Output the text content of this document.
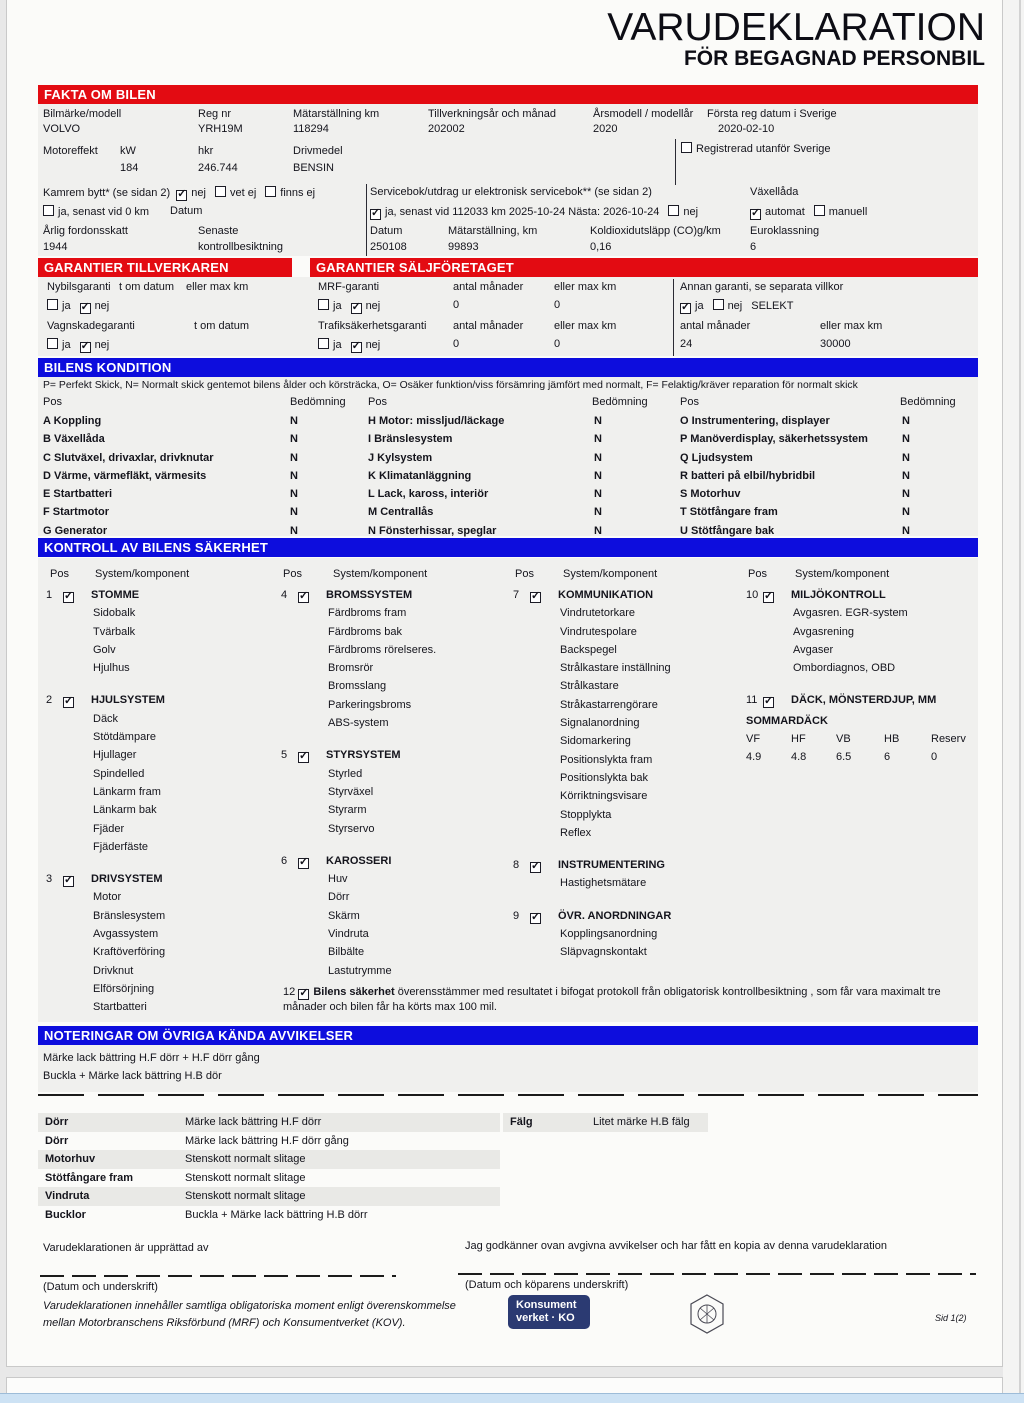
VARUDEKLARATION
FÖR BEGAGNAD PERSONBIL
FAKTA OM BILEN
Bilmärke/modell	Reg nr	Mätarställning km	Tillverkningsår och månad	Årsmodell / modellår Första reg datum i Sverige
VOLVO	YRH19M	118294	202002	2020	2020-02-10
Motoreffekt kW	hkr	Drivmedel
184	246.744	BENSIN
Registrerad utanför Sverige
Kamrem bytt* (se sidan 2) ✓ nej vet ej finns ej
ja, senast vid 0 km	Datum
Servicebok/utdrag ur elektronisk servicebok** (se sidan 2)
✓ ja, senast vid 112033 km 2025-10-24 Nästa: 2026-10-24 nej
Växellåda
✓ automat manuell
Årlig fordonsskatt	Senaste	Datum	Mätarställning, km	Koldioxidutsläpp (CO)g/km	Euroklassning
1944	kontrollbesiktning	250108	99893	0,16	6
GARANTIER TILLVERKAREN	GARANTIER SÄLJFÖRETAGET
Nybilsgaranti t om datum eller max km
ja ✓ nej
Vagnskadegaranti	t om datum
ja ✓ nej
MRF-garanti	antal månader	eller max km
ja ✓ nej	0	0
Trafiksäkerhetsgaranti antal månader	eller max km
ja ✓ nej	0	0
Annan garanti, se separata villkor
✓ ja nej SELEKT
antal månader	eller max km
24	30000
BILENS KONDITION
P= Perfekt Skick, N= Normalt skick gentemot bilens ålder och körsträcka, O= Osäker funktion/viss försämring jämfört med normalt, F= Felaktig/kräver reparation för normalt skick
Pos	Bedömning Pos	Bedömning	Pos	Bedömning
A Koppling	N
B Växellåda	N
C Slutväxel, drivaxlar, drivknutar	N
D Värme, värmefläkt, värmesits	N
E Startbatteri	N
F Startmotor	N
G Generator	N
H Motor: missljud/läckage	N
I Bränslesystem	N
J Kylsystem	N
K Klimatanläggning	N
L Lack, kaross, interiör	N
M Centrallås	N
N Fönsterhissar, speglar	N
O Instrumentering, displayer	N
P Manöverdisplay, säkerhetssystem	N
Q Ljudsystem	N
R batteri på elbil/hybridbil	N
S Motorhuv	N
T Stötfångare fram	N
U Stötfångare bak	N
KONTROLL AV BILENS SÄKERHET
Pos System/komponent	Pos	System/komponent	Pos	System/komponent	Pos	System/komponent
1 ✓ STOMME
Sidobalk
Tvärbalk
Golv
Hjulhus
2 ✓ HJULSYSTEM
Däck
Stötdämpare
Hjullager
Spindelled
Länkarm fram
Länkarm bak
Fjäder
Fjäderfäste
3 ✓ DRIVSYSTEM
Motor
Bränslesystem
Avgassystem
Kraftöverföring
Drivknut
Elförsörjning
Startbatteri
4 ✓ BROMSSYSTEM
Färdbroms fram
Färdbroms bak
Färdbroms rörelseres.
Bromsrör
Bromsslang
Parkeringsbroms
ABS-system
5 ✓ STYRSYSTEM
Styrled
Styrväxel
Styrarm
Styrservo
6 ✓ KAROSSERI
Huv
Dörr
Skärm
Vindruta
Bilbälte
Lastutrymme
7 ✓ KOMMUNIKATION
Vindrutetorkare
Vindrutespolare
Backspegel
Strålkastare inställning
Strålkastare
Stråkastarrengörare
Signalanordning
Sidomarkering
Positionslykta fram
Positionslykta bak
Körriktningsvisare
Stopplykta
Reflex
8 ✓ INSTRUMENTERING
Hastighetsmätare
9 ✓ ÖVR. ANORDNINGAR
Kopplingsanordning
Släpvagnskontakt
10 ✓ MILJÖKONTROLL
Avgasren. EGR-system
Avgasrening
Avgaser
Ombordiagnos, OBD
11 ✓ DÄCK, MÖNSTERDJUP, MM
SOMMARDÄCK
VF	HF	VB	HB	Reserv
4.9	4.8	6.5	6	0
12 ✓ Bilens säkerhet överensstämmer med resultatet i bifogat protokoll från obligatorisk kontrollbesiktning , som får vara maximalt tre månader och bilen får ha körts max 100 mil.
NOTERINGAR OM ÖVRIGA KÄNDA AVVIKELSER
Märke lack bättring H.F dörr + H.F dörr gång
Buckla + Märke lack bättring H.B dör
Dörr	Märke lack bättring H.F dörr
Dörr	Märke lack bättring H.F dörr gång
Motorhuv	Stenskott normalt slitage
Stötfångare fram	Stenskott normalt slitage
Vindruta	Stenskott normalt slitage
Bucklor	Buckla + Märke lack bättring H.B dörr
Fälg	Litet märke H.B fälg
Varudeklarationen är upprättad av	Jag godkänner ovan avgivna avvikelser och har fått en kopia av denna varudeklaration
(Datum och underskrift)	(Datum och köparens underskrift)
Varudeklarationen innehåller samtliga obligatoriska moment enligt överenskommelse
mellan Motorbranschens Riksförbund (MRF) och Konsumentverket (KOV).
Konsument
verket · KO	Sid 1(2)
